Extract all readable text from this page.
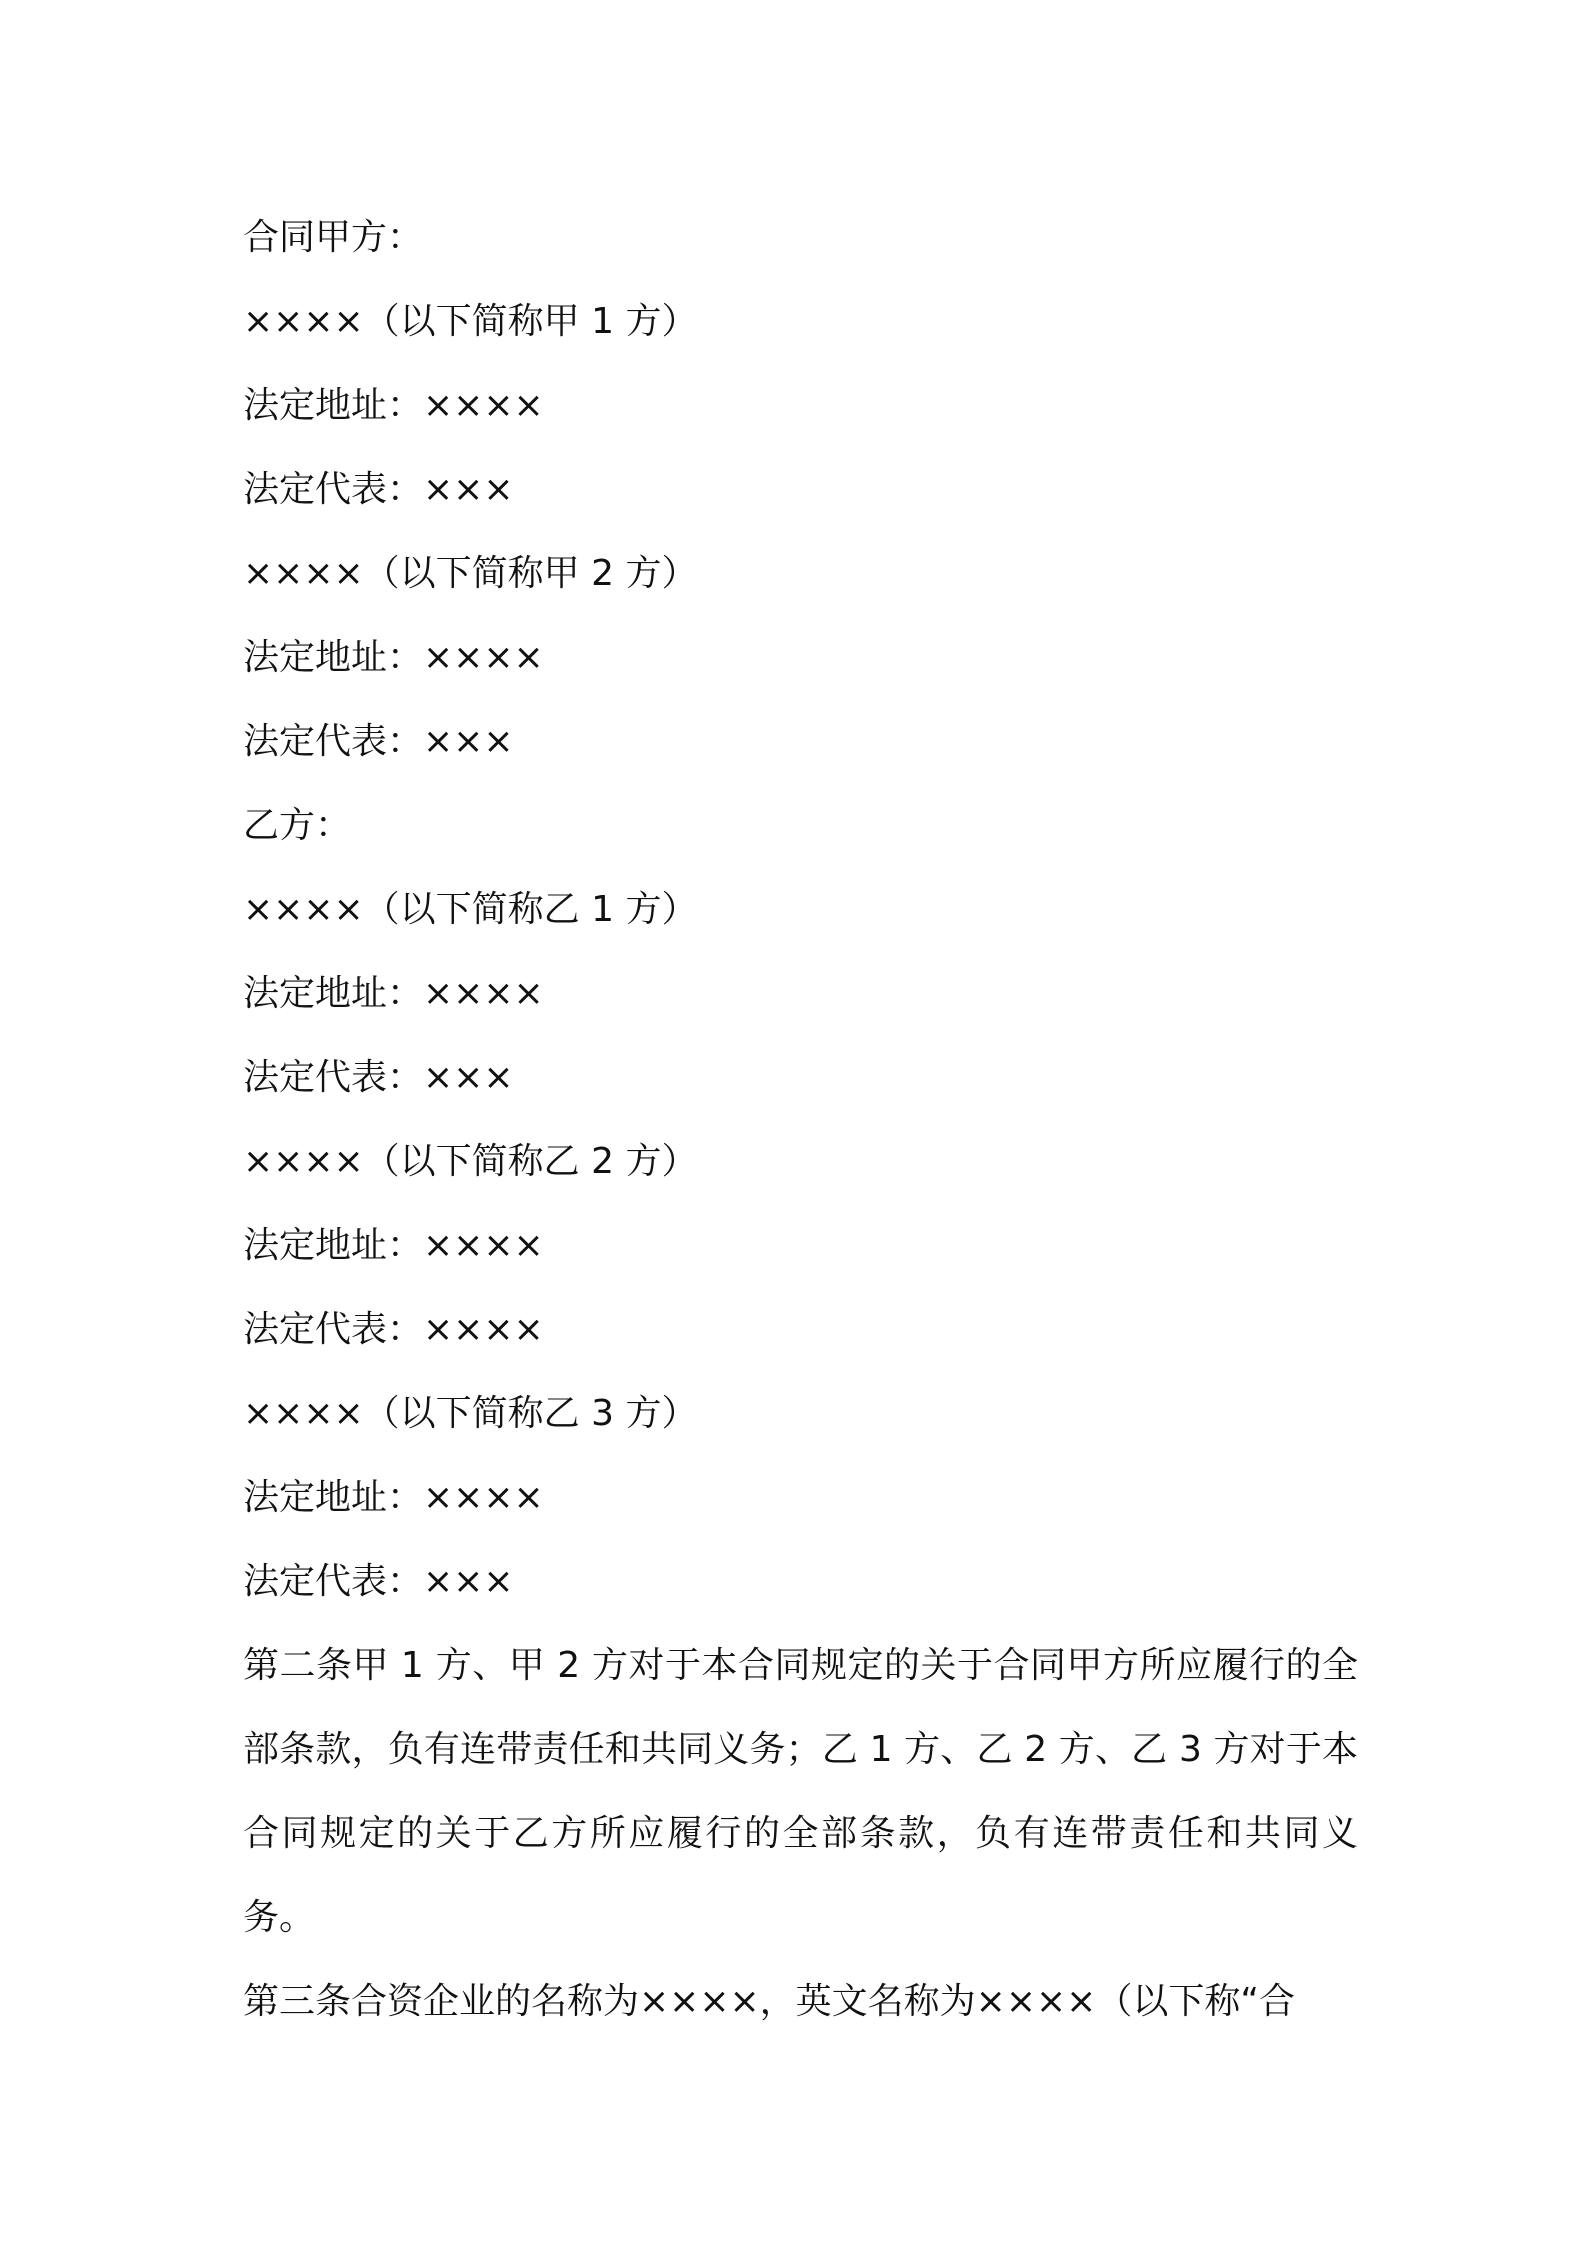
合同甲方：

××××（以下简称甲 1 方）

法定地址：××××

法定代表：×××

××××（以下简称甲 2 方）

法定地址：××××

法定代表：×××

乙方：

××××（以下简称乙 1 方）

法定地址：××××

法定代表：×××

××××（以下简称乙 2 方）

法定地址：××××

法定代表：××××

××××（以下简称乙 3 方）

法定地址：××××

法定代表：×××

第二条甲 1 方、甲 2 方对于本合同规定的关于合同甲方所应履行的全部条款，负有连带责任和共同义务；乙 1 方、乙 2 方、乙 3 方对于本合同规定的关于乙方所应履行的全部条款，负有连带责任和共同义务。

第三条合资企业的名称为××××，英文名称为××××（以下称“合
